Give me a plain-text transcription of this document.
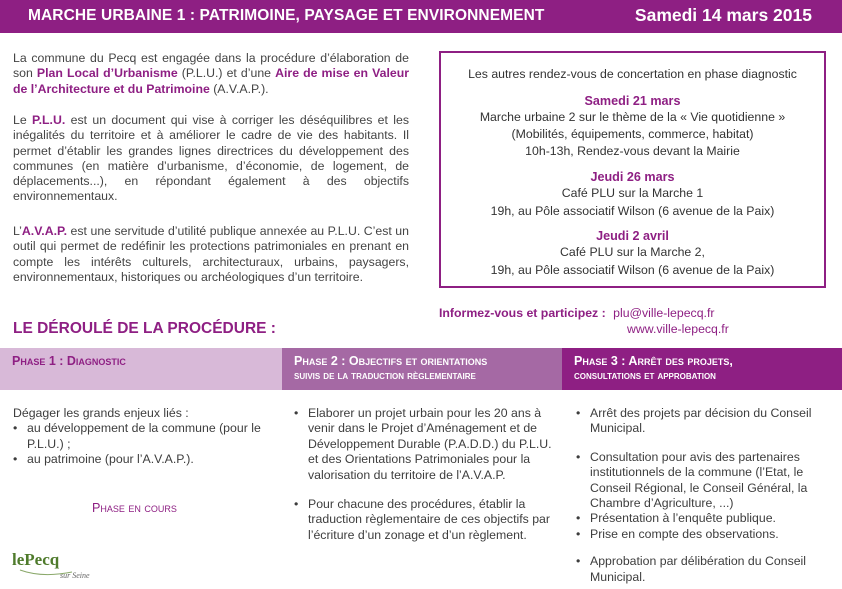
MARCHE URBAINE 1 : PATRIMOINE, PAYSAGE ET ENVIRONNEMENT	Samedi 14 mars 2015

La commune du Pecq est engagée dans la procédure d’élaboration de son Plan Local d’Urbanisme (P.L.U.) et d’une Aire de mise en Valeur de l’Architecture et du Patrimoine (A.V.A.P.).

Le P.L.U. est un document qui vise à corriger les déséquilibres et les inégalités du territoire et à améliorer le cadre de vie des habitants. Il permet d’établir les grandes lignes directrices du développement des communes (en matière d’urbanisme, d’économie, de logement, de déplacements...), en répondant également à des objectifs environnementaux.

L’A.V.A.P. est une servitude d’utilité publique annexée au P.L.U. C’est un outil qui permet de redéfinir les protections patrimoniales en prenant en compte les intérêts culturels, architecturaux, urbains, paysagers, environnementaux, historiques ou archéologiques d’un territoire.

Les autres rendez-vous de concertation en phase diagnostic
Samedi 21 mars
Marche urbaine 2 sur le thème de la « Vie quotidienne »
(Mobilités, équipements, commerce, habitat)
10h-13h, Rendez-vous devant la Mairie
Jeudi 26 mars
Café PLU sur la Marche 1
19h, au Pôle associatif Wilson (6 avenue de la Paix)
Jeudi 2 avril
Café PLU sur la Marche 2,
19h, au Pôle associatif Wilson (6 avenue de la Paix)
Informez-vous et participez : plu@ville-lepecq.fr
www.ville-lepecq.fr
LE DÉROULÉ DE LA PROCÉDURE :
Phase 1 : Diagnostic	Phase 2 : Objectifs et orientations
suivis de la traduction règlementaire
Phase 3 : Arrêt des projets,
consultations et approbation
Dégager les grands enjeux liés :
• au développement de la commune (pour le P.L.U.) ;
• au patrimoine (pour l’A.V.A.P.).
Phase en cours
• Elaborer un projet urbain pour les 20 ans à venir dans le Projet d’Aménagement et de Développement Durable (P.A.D.D.) du P.L.U. et des Orientations Patrimoniales pour la valorisation du territoire de l’A.V.A.P.
• Pour chacune des procédures, établir la traduction règlementaire de ces objectifs par l’écriture d’un zonage et d’un règlement.
• Arrêt des projets par décision du Conseil Municipal.
• Consultation pour avis des partenaires institutionnels de la commune (l’Etat, le Conseil Régional, le Conseil Général, la Chambre d’Agriculture, ...)
• Présentation à l’enquête publique.
• Prise en compte des observations.
• Approbation par délibération du Conseil Municipal.
lePecq
sur Seine
